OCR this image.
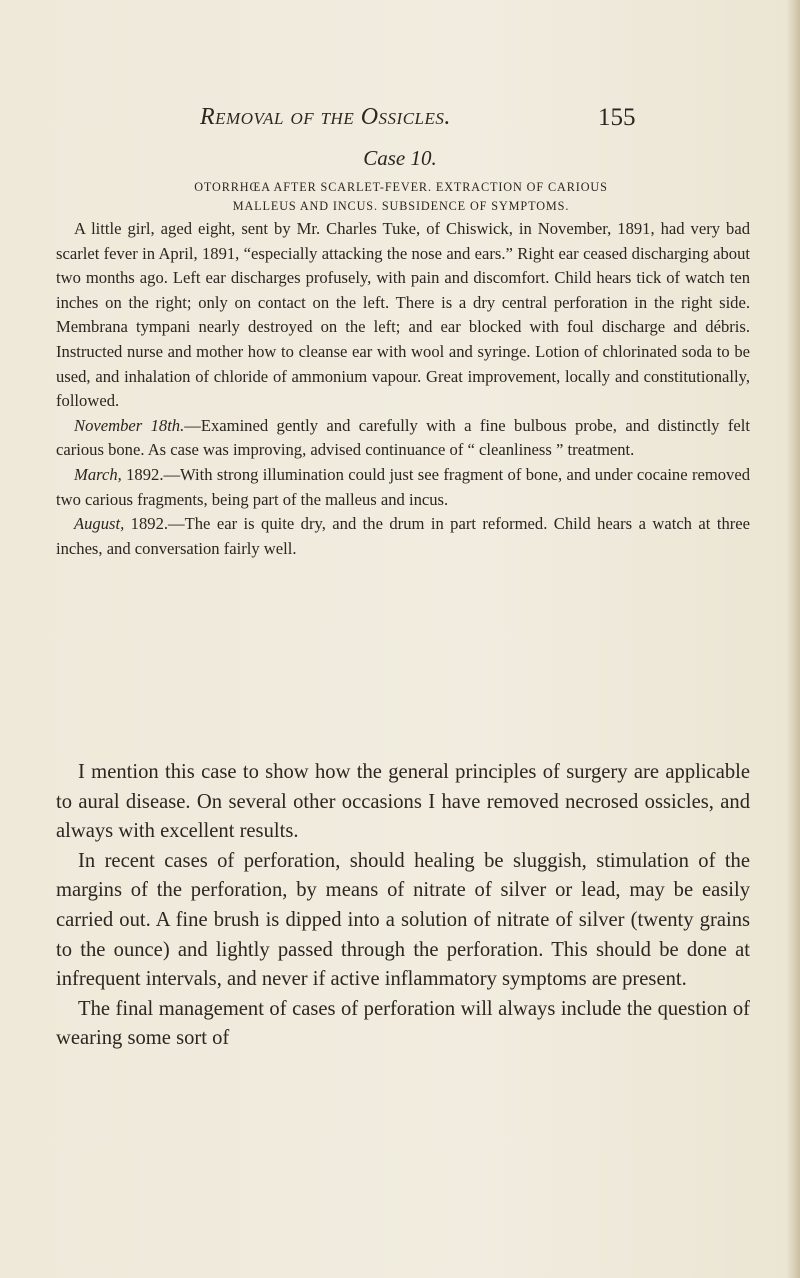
Removal of the Ossicles.	155
Case 10.
OTORRHŒA AFTER SCARLET-FEVER. EXTRACTION OF CARIOUS
MALLEUS AND INCUS. SUBSIDENCE OF SYMPTOMS.

A little girl, aged eight, sent by Mr. Charles Tuke, of Chiswick, in November, 1891, had very bad scarlet fever in April, 1891, “especially attacking the nose and ears.” Right ear ceased discharging about two months ago. Left ear discharges profusely, with pain and discomfort. Child hears tick of watch ten inches on the right; only on contact on the left. There is a dry central perforation in the right side. Membrana tympani nearly destroyed on the left; and ear blocked with foul discharge and débris. Instructed nurse and mother how to cleanse ear with wool and syringe. Lotion of chlorinated soda to be used, and inhalation of chloride of ammonium vapour. Great improvement, locally and constitutionally, followed.

November 18th.—Examined gently and carefully with a fine bulbous probe, and distinctly felt carious bone. As case was improving, advised continuance of “ cleanliness ” treatment.

March, 1892.—With strong illumination could just see fragment of bone, and under cocaine removed two carious fragments, being part of the malleus and incus.

August, 1892.—The ear is quite dry, and the drum in part reformed. Child hears a watch at three inches, and conversation fairly well.

I mention this case to show how the general principles of surgery are applicable to aural disease. On several other occasions I have removed necrosed ossicles, and always with excellent results.

In recent cases of perforation, should healing be sluggish, stimulation of the margins of the perforation, by means of nitrate of silver or lead, may be easily carried out. A fine brush is dipped into a solution of nitrate of silver (twenty grains to the ounce) and lightly passed through the perforation. This should be done at infrequent intervals, and never if active inflammatory symptoms are present.

The final management of cases of perforation will always include the question of wearing some sort of
